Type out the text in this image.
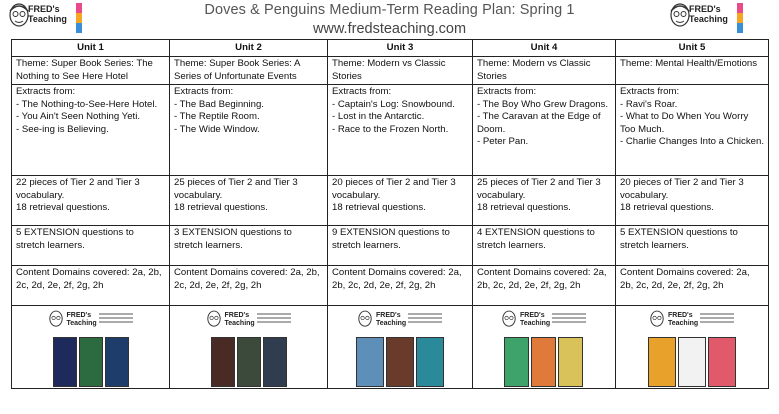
FRED's
Teaching
Doves & Penguins Medium-Term Reading Plan: Spring 1
www.fredsteaching.com
FRED's
Teaching
Unit 1	Unit 2	Unit 3	Unit 4	Unit 5
Theme: Super Book Series: The Nothing to See Here Hotel	Theme: Super Book Series: A Series of Unfortunate Events	Theme: Modern vs Classic Stories	Theme: Modern vs Classic Stories	Theme: Mental Health/Emotions

Extracts from:
- The Nothing-to-See-Here Hotel.
- You Ain't Seen Nothing Yeti.
- See-ing is Believing.	Extracts from:
- The Bad Beginning.
- The Reptile Room.
- The Wide Window.	Extracts from:
- Captain's Log: Snowbound.
- Lost in the Antarctic.
- Race to the Frozen North.	Extracts from:
- The Boy Who Grew Dragons.
- The Caravan at the Edge of Doom.
- Peter Pan.	Extracts from:
- Ravi's Roar.
- What to Do When You Worry Too Much.
- Charlie Changes Into a Chicken.

22 pieces of Tier 2 and Tier 3 vocabulary.
18 retrieval questions.	25 pieces of Tier 2 and Tier 3 vocabulary.
18 retrieval questions.	20 pieces of Tier 2 and Tier 3 vocabulary.
18 retrieval questions.	25 pieces of Tier 2 and Tier 3 vocabulary.
18 retrieval questions.	20 pieces of Tier 2 and Tier 3 vocabulary.
18 retrieval questions.
5 EXTENSION questions to stretch learners.	3 EXTENSION questions to stretch learners.	9 EXTENSION questions to stretch learners.	4 EXTENSION questions to stretch learners.	5 EXTENSION questions to stretch learners.
Content Domains covered: 2a, 2b, 2c, 2d, 2e, 2f, 2g, 2h	Content Domains covered: 2a, 2b, 2c, 2d, 2e, 2f, 2g, 2h	Content Domains covered: 2a, 2b, 2c, 2d, 2e, 2f, 2g, 2h	Content Domains covered: 2a, 2b, 2c, 2d, 2e, 2f, 2g, 2h	Content Domains covered: 2a, 2b, 2c, 2d, 2e, 2f, 2g, 2h

FRED's
Teaching	FRED's
Teaching	FRED's
Teaching	FRED's
Teaching	FRED's
Teaching
